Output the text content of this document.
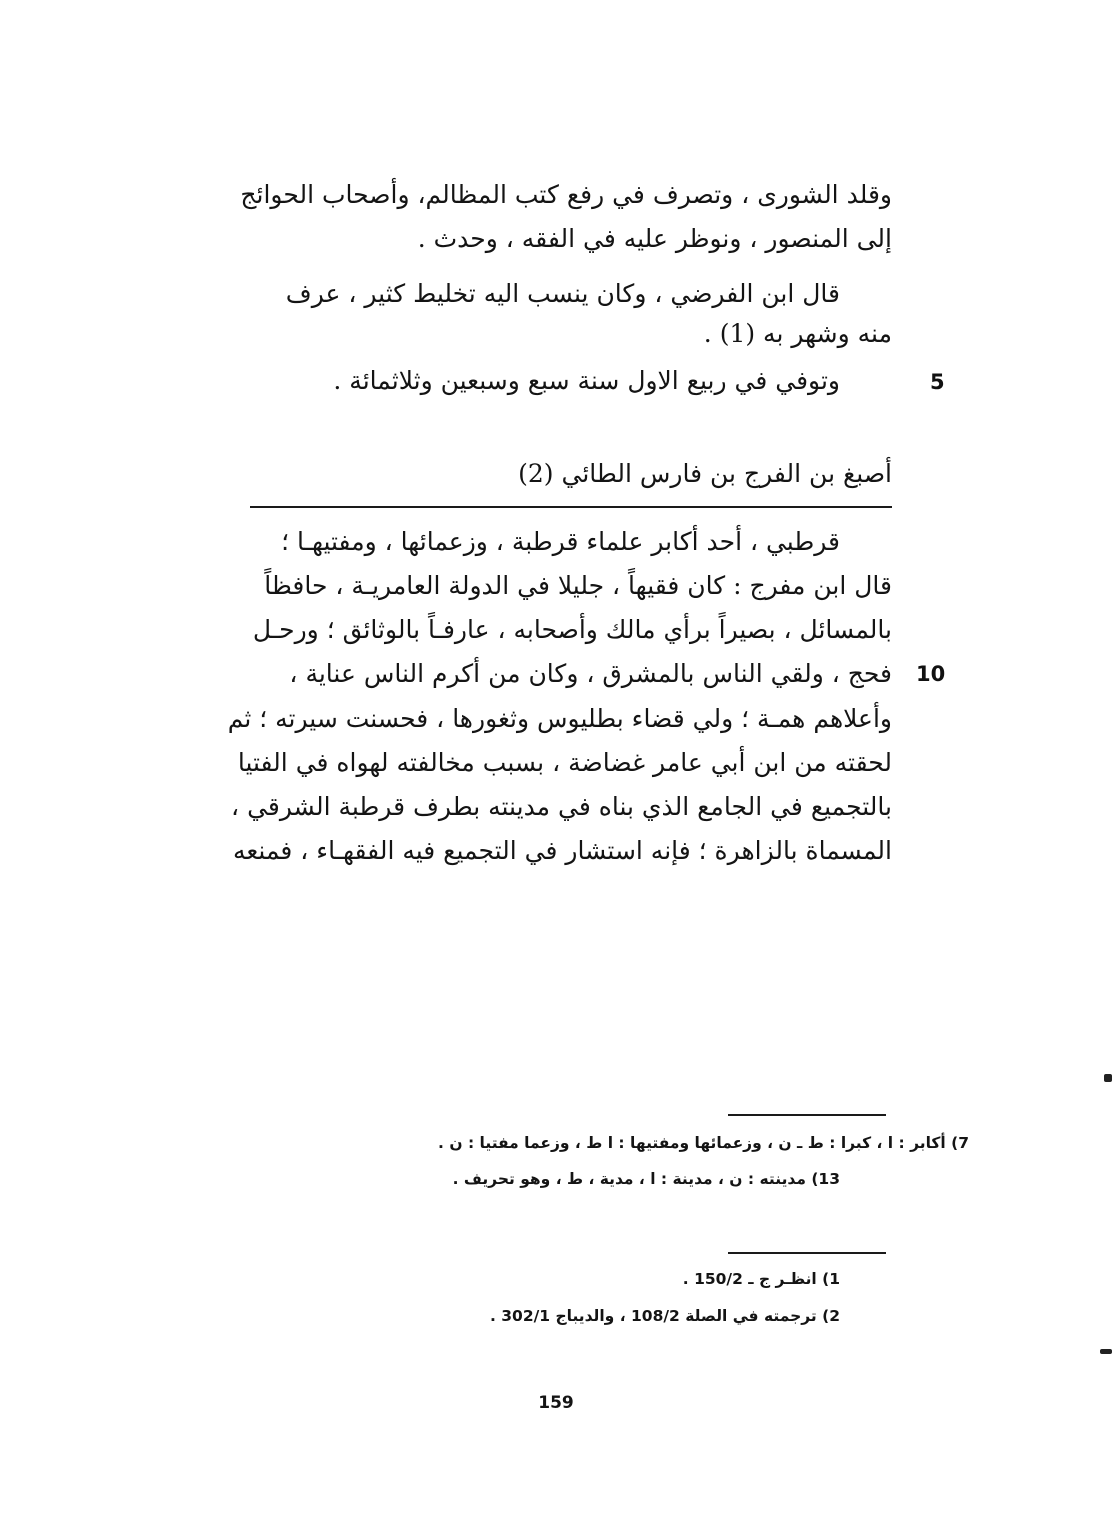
وقلد الشورى ، وتصرف في رفع كتب المظالم، وأصحاب الحوائج
إلى المنصور ، ونوظر عليه في الفقه ، وحدث .
قال ابن الفرضي ، وكان ينسب اليه تخليط كثير ، عرف
منه وشهر به (1) .
وتوفي في ربيع الاول سنة سبع وسبعين وثلاثمائة .	5
أصبغ بن الفرج بن فارس الطائي (2)
قرطبي ، أحد أكابر علماء قرطبة ، وزعمائها ، ومفتيهـا ؛
قال ابن مفرج : كان فقيهاً ، جليلا في الدولة العامريـة ، حافظاً
بالمسائل ، بصيراً برأي مالك وأصحابه ، عارفـاً بالوثائق ؛ ورحـل
فحج ، ولقي الناس بالمشرق ، وكان من أكرم الناس عناية ،
وأعلاهم همـة ؛ ولي قضاء بطليوس وثغورها ، فحسنت سيرته ؛ ثم
لحقته من ابن أبي عامر غضاضة ، بسبب مخالفته لهواه في الفتيا
بالتجميع في الجامع الذي بناه في مدينته بطرف قرطبة الشرقي ،
المسماة بالزاهرة ؛ فإنه استشار في التجميع فيه الفقهـاء ، فمنعه
10
7) أكابر : ا ، كبرا : ط ـ ن ، وزعمائها ومفتيها : ا ط ، وزعما مفتيا : ن .
13) مدينته : ن ، مدينة : ا ، مدية ، ط ، وهو تحريف .
1) انظـر ج ـ 150/2 .
2) ترجمته في الصلة 108/2 ، والديباج 302/1 .
159
